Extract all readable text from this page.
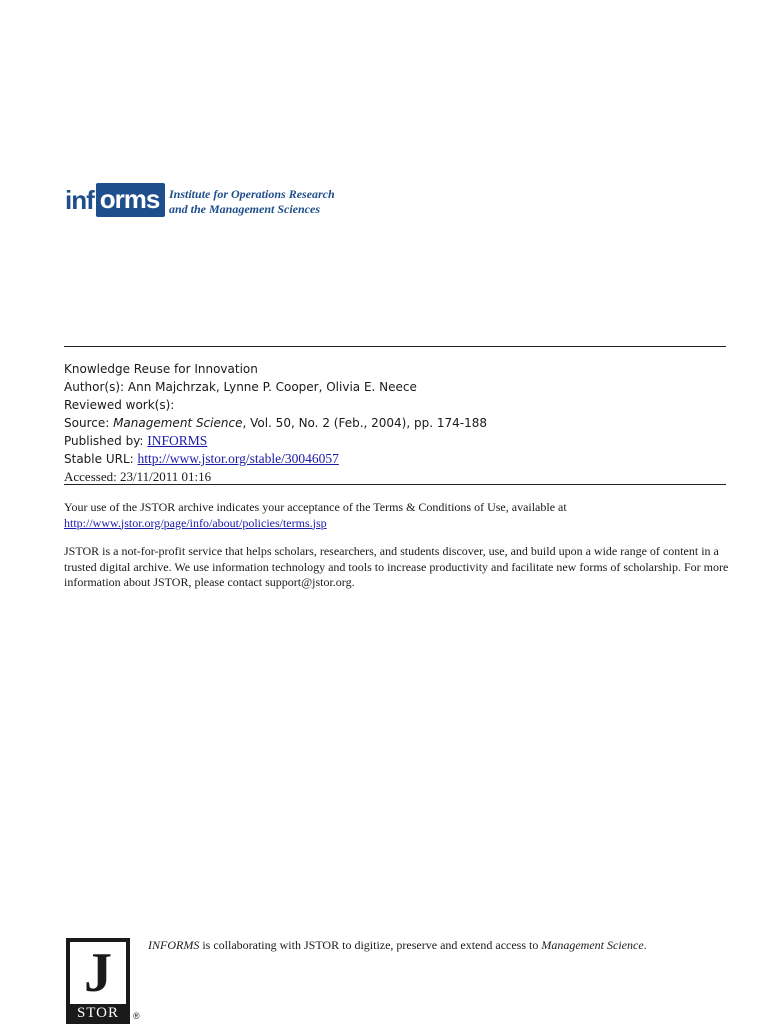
inf orms
®
Institute for Operations Research
and the Management Sciences
Knowledge Reuse for Innovation
Author(s): Ann Majchrzak, Lynne P. Cooper, Olivia E. Neece
Reviewed work(s):
Source: Management Science, Vol. 50, No. 2 (Feb., 2004), pp. 174-188
Published by: INFORMS
Stable URL: http://www.jstor.org/stable/30046057
Accessed: 23/11/2011 01:16

Your use of the JSTOR archive indicates your acceptance of the Terms & Conditions of Use, available at
http://www.jstor.org/page/info/about/policies/terms.jsp

JSTOR is a not-for-profit service that helps scholars, researchers, and students discover, use, and build upon a wide range of content in a trusted digital archive. We use information technology and tools to increase productivity and facilitate new forms of scholarship. For more information about JSTOR, please contact support@jstor.org.

J
STOR	®
INFORMS is collaborating with JSTOR to digitize, preserve and extend access to Management Science.
